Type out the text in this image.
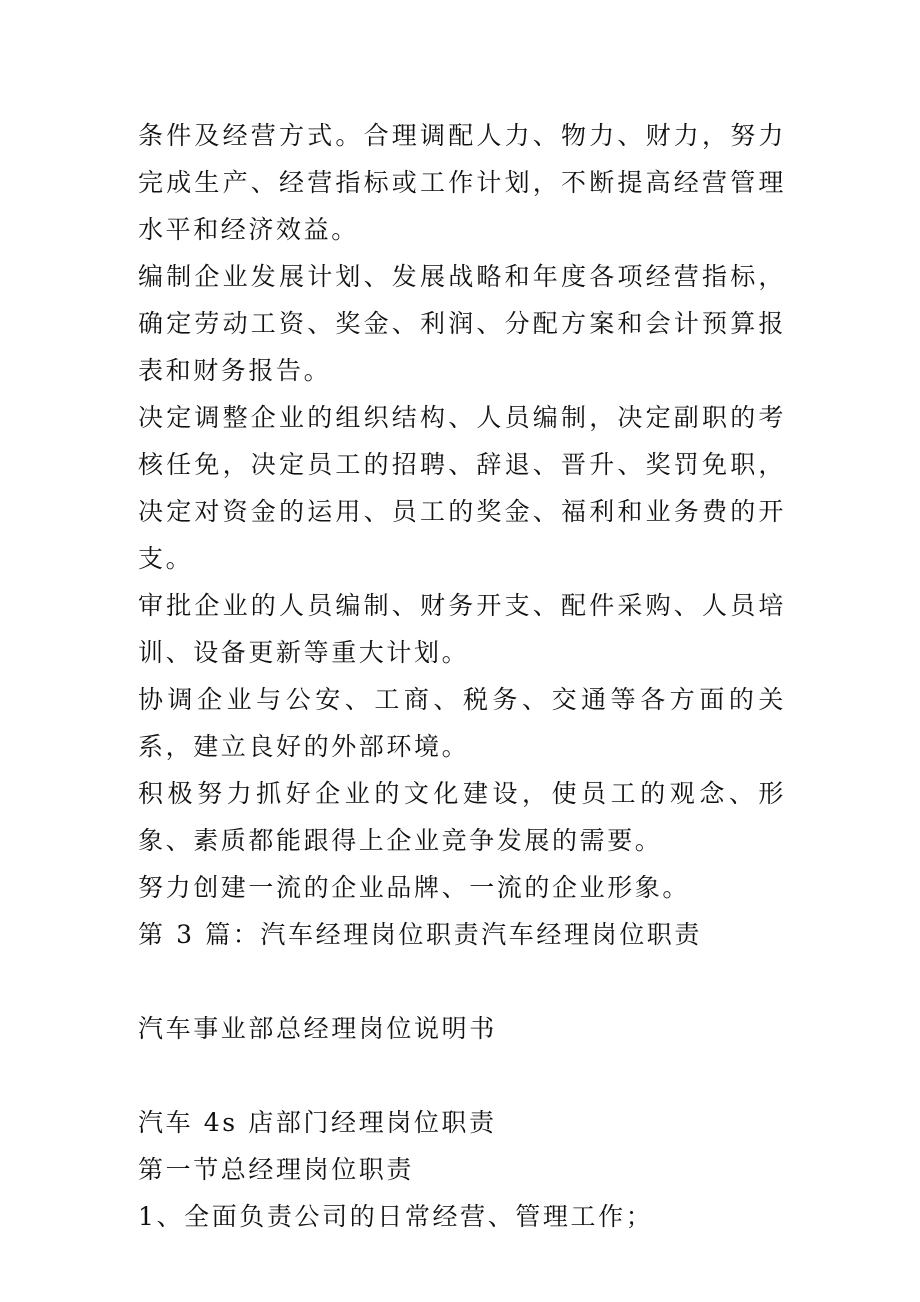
条件及经营方式。合理调配人力、物力、财力，努力完成生产、经营指标或工作计划，不断提高经营管理水平和经济效益。

编制企业发展计划、发展战略和年度各项经营指标，确定劳动工资、奖金、利润、分配方案和会计预算报表和财务报告。

决定调整企业的组织结构、人员编制，决定副职的考核任免，决定员工的招聘、辞退、晋升、奖罚免职，决定对资金的运用、员工的奖金、福利和业务费的开支。

审批企业的人员编制、财务开支、配件采购、人员培训、设备更新等重大计划。

协调企业与公安、工商、税务、交通等各方面的关系，建立良好的外部环境。

积极努力抓好企业的文化建设，使员工的观念、形象、素质都能跟得上企业竞争发展的需要。

努力创建一流的企业品牌、一流的企业形象。

第 3 篇：汽车经理岗位职责汽车经理岗位职责

汽车事业部总经理岗位说明书

汽车 4s 店部门经理岗位职责

第一节总经理岗位职责

1、全面负责公司的日常经营、管理工作；
